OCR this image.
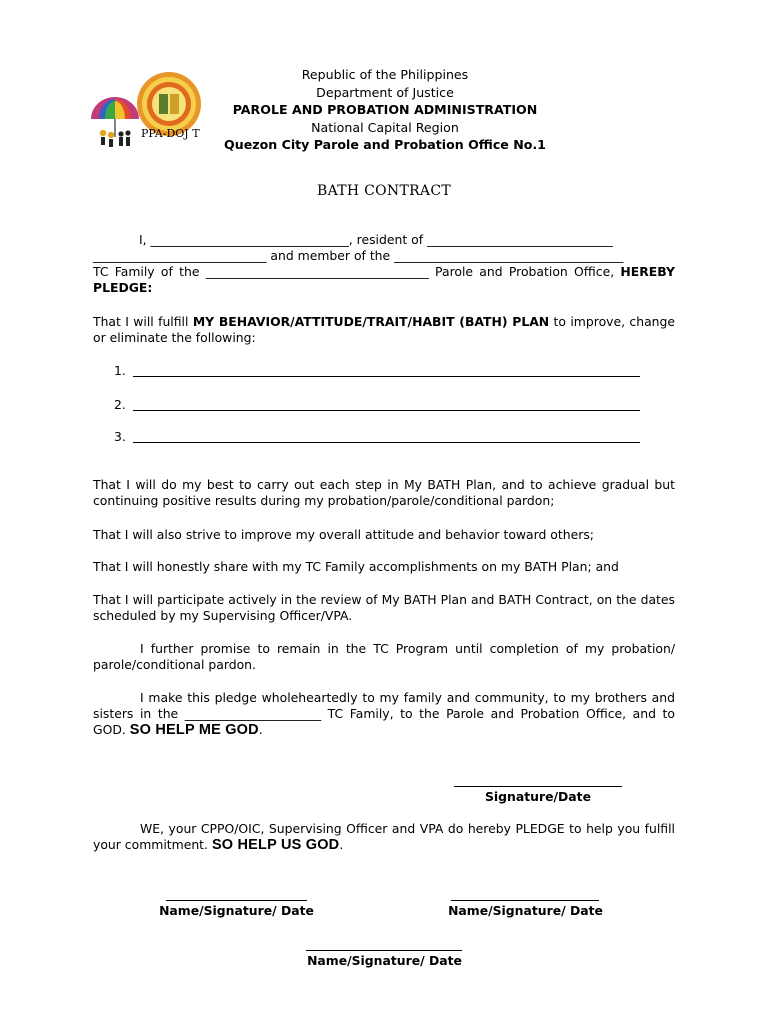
PPA-DOJ T
Republic of the Philippines
Department of Justice
PAROLE AND PROBATION ADMINISTRATION
National Capital Region
Quezon City Parole and Probation Office No.1
BATH CONTRACT
I, ________________________________, resident of ______________________________
____________________________ and member of the _____________________________________
TC Family of the ____________________________________ Parole and Probation Office, HEREBY PLEDGE:
That I will fulfill MY BEHAVIOR/ATTITUDE/TRAIT/HABIT (BATH) PLAN to improve, change or eliminate the following:
1.
2.
3.
That I will do my best to carry out each step in My BATH Plan, and to achieve gradual but continuing positive results during my probation/parole/conditional pardon;
That I will also strive to improve my overall attitude and behavior toward others;
That I will honestly share with my TC Family accomplishments on my BATH Plan; and
That I will participate actively in the review of My BATH Plan and BATH Contract, on the dates scheduled by my Supervising Officer/VPA.
I further promise to remain in the TC Program until completion of my probation/ parole/conditional pardon.
I make this pledge wholeheartedly to my family and community, to my brothers and sisters in the ______________________ TC Family, to the Parole and Probation Office, and to GOD. SO HELP ME GOD.
Signature/Date
WE, your CPPO/OIC, Supervising Officer and VPA do hereby PLEDGE to help you fulfill your commitment. SO HELP US GOD.
Name/Signature/ Date	Name/Signature/ Date
Name/Signature/ Date
